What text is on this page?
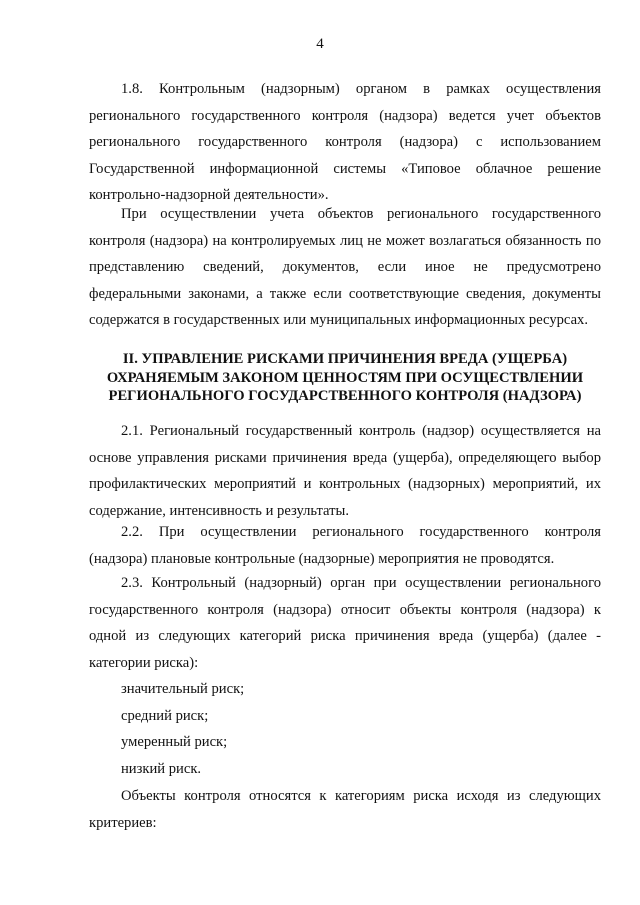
4

1.8. Контрольным (надзорным) органом в рамках осуществления регионального государственного контроля (надзора) ведется учет объектов регионального государственного контроля (надзора) с использованием Государственной информационной системы «Типовое облачное решение контрольно-надзорной деятельности».

При осуществлении учета объектов регионального государственного контроля (надзора) на контролируемых лиц не может возлагаться обязанность по представлению сведений, документов, если иное не предусмотрено федеральными законами, а также если соответствующие сведения, документы содержатся в государственных или муниципальных информационных ресурсах.

II. УПРАВЛЕНИЕ РИСКАМИ ПРИЧИНЕНИЯ ВРЕДА (УЩЕРБА)
ОХРАНЯЕМЫМ ЗАКОНОМ ЦЕННОСТЯМ ПРИ ОСУЩЕСТВЛЕНИИ
РЕГИОНАЛЬНОГО ГОСУДАРСТВЕННОГО КОНТРОЛЯ (НАДЗОРА)

2.1. Региональный государственный контроль (надзор) осуществляется на основе управления рисками причинения вреда (ущерба), определяющего выбор профилактических мероприятий и контрольных (надзорных) мероприятий, их содержание, интенсивность и результаты.

2.2. При осуществлении регионального государственного контроля (надзора) плановые контрольные (надзорные) мероприятия не проводятся.

2.3. Контрольный (надзорный) орган при осуществлении регионального государственного контроля (надзора) относит объекты контроля (надзора) к одной из следующих категорий риска причинения вреда (ущерба) (далее - категории риска):

значительный риск;

средний риск;

умеренный риск;

низкий риск.

Объекты контроля относятся к категориям риска исходя из следующих критериев:
